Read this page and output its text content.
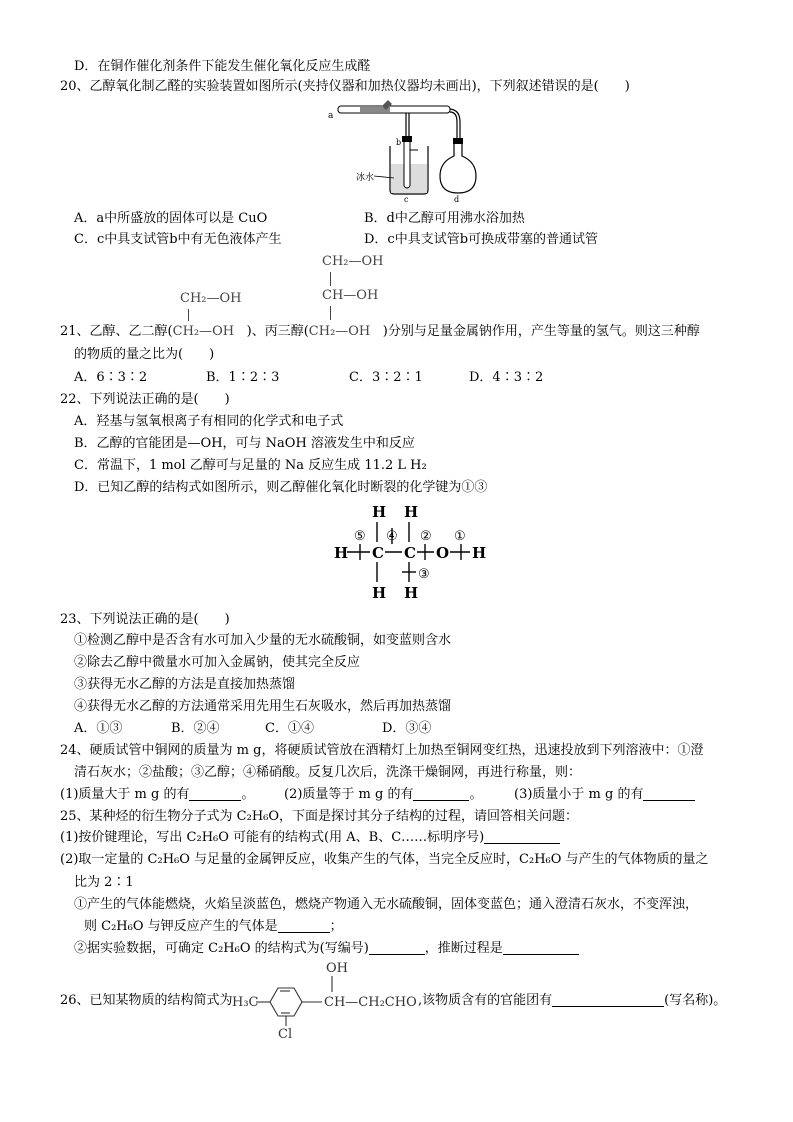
D．在铜作催化剂条件下能发生催化氧化反应生成醛
20、乙醇氧化制乙醛的实验装置如图所示(夹持仪器和加热仪器均未画出)，下列叙述错误的是(　　)
a
b
c
冰水
d
A．a中所盛放的固体可以是 CuO	B．d中乙醇可用沸水浴加热
C．c中具支试管b中有无色液体产生	D．c中具支试管b可换成带塞的普通试管
CH₂—OH
CH—OH
CH₂—OH
21、乙醇、乙二醇(CH₂—OH )、丙三醇(CH₂—OH )分别与足量金属钠作用，产生等量的氢气。则这三种醇
的物质的量之比为(　　)
A．6∶3∶2	B．1∶2∶3	C．3∶2∶1	D．4∶3∶2
22、下列说法正确的是(　　)
A．羟基与氢氧根离子有相同的化学式和电子式
B．乙醇的官能团是—OH，可与 NaOH 溶液发生中和反应
C．常温下，1 mol 乙醇可与足量的 Na 反应生成 11.2 L H₂
D．已知乙醇的结构式如图所示，则乙醇催化氧化时断裂的化学键为①③
H H
H C C O H
H H
⑤ ④ ② ①
③
23、下列说法正确的是(　　)
①检测乙醇中是否含有水可加入少量的无水硫酸铜，如变蓝则含水
②除去乙醇中微量水可加入金属钠，使其完全反应
③获得无水乙醇的方法是直接加热蒸馏
④获得无水乙醇的方法通常采用先用生石灰吸水，然后再加热蒸馏
A．①③	B．②④	C．①④	D．③④
24、硬质试管中铜网的质量为 m g，将硬质试管放在酒精灯上加热至铜网变红热，迅速投放到下列溶液中：①澄
清石灰水；②盐酸；③乙醇；④稀硝酸。反复几次后，洗涤干燥铜网，再进行称量，则：
(1)质量大于 m g 的有	。 (2)质量等于 m g 的有	。 (3)质量小于 m g 的有
25、某种烃的衍生物分子式为 C₂H₆O，下面是探讨其分子结构的过程，请回答相关问题：
(1)按价键理论，写出 C₂H₆O 可能有的结构式(用 A、B、C……标明序号)
(2)取一定量的 C₂H₆O 与足量的金属钾反应，收集产生的气体，当完全反应时，C₂H₆O 与产生的气体物质的量之
比为 2∶1
①产生的气体能燃烧，火焰呈淡蓝色，燃烧产物通入无水硫酸铜，固体变蓝色；通入澄清石灰水，不变浑浊，
则 C₂H₆O 与钾反应产生的气体是	；
②据实验数据，可确定 C₂H₆O 的结构式为(写编号)	，推断过程是
26、已知某物质的结构简式为
OH
H₃C
Cl
CH—CH₂CHO ,该物质含有的官能团有	(写名称)。
